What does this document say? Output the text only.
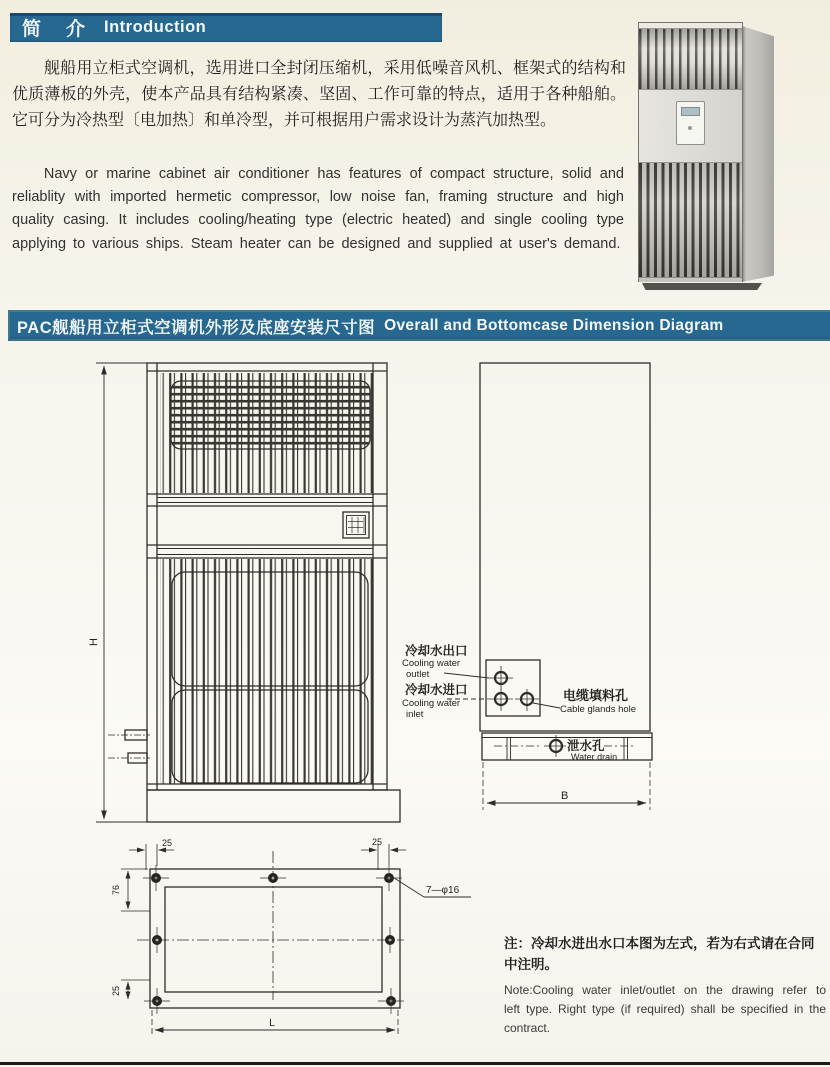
简　介 Introduction
舰船用立柜式空调机，选用进口全封闭压缩机，采用低噪音风机、框架式的结构和优质薄板的外壳，使本产品具有结构紧凑、坚固、工作可靠的特点，适用于各种船舶。它可分为冷热型〔电加热〕和单冷型，并可根据用户需求设计为蒸汽加热型。
Navy or marine cabinet air conditioner has features of compact structure, solid and reliablity with imported hermetic compressor, low noise fan, framing structure and high quality casing. It includes cooling/heating type (electric heated) and single cooling type applying to various ships. Steam heater can be designed and supplied at user's demand.
PAC舰船用立柜式空调机外形及底座安装尺寸图 Overall and Bottomcase Dimension Diagram
H
冷却水出口
Cooling water
outlet
冷却水进口
Cooling water
inlet
电缆填料孔
Cable glands hole
泄水孔
Water drain
B
25	25
76
25
L
7—φ16
注：冷却水进出水口本图为左式，若为右式请在合同
中注明。
Note:Cooling water inlet/outlet on the drawing refer to left type. Right type (if required) shall be specified in the contract.
